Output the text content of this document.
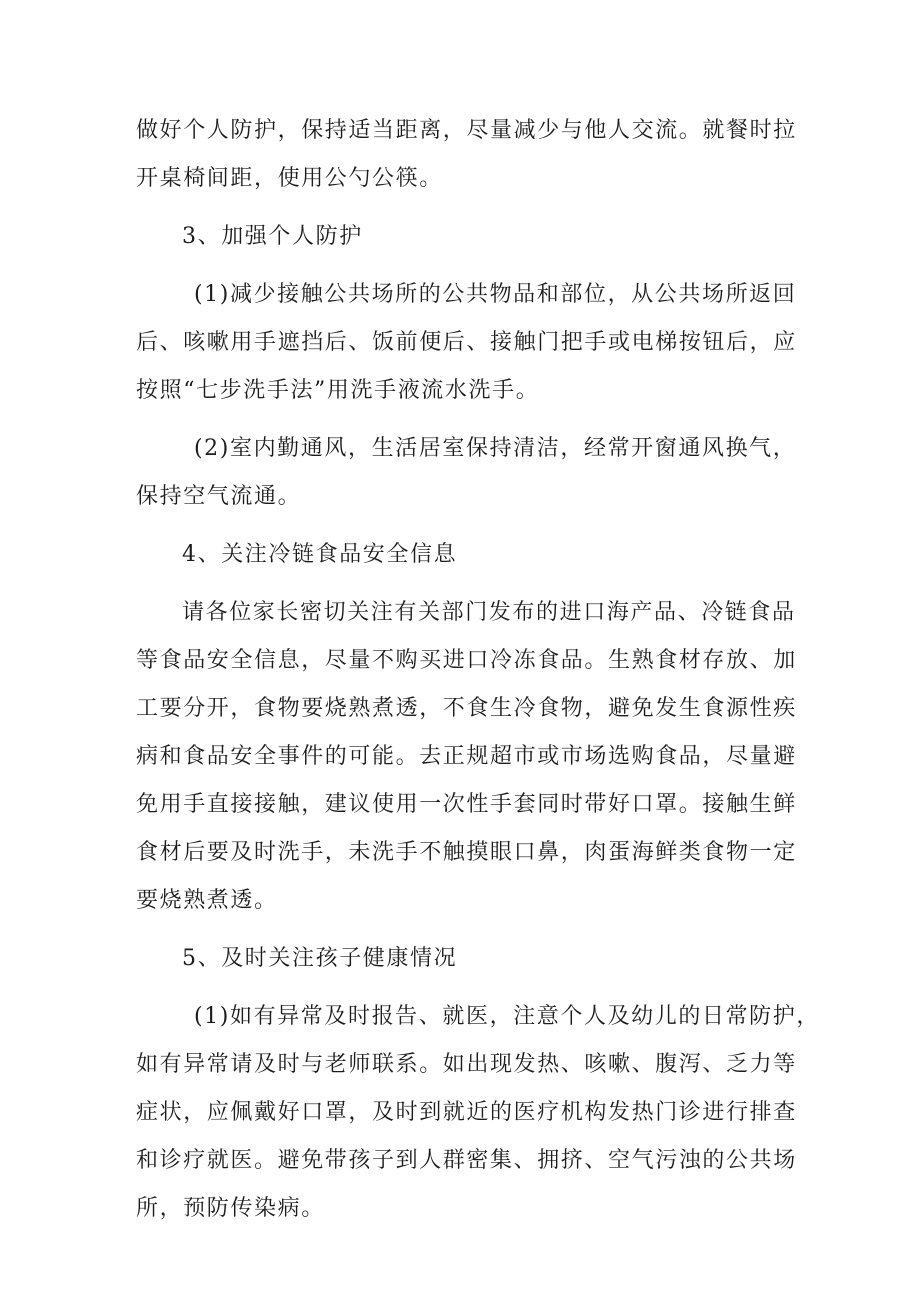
做好个人防护，保持适当距离，尽量减少与他人交流。就餐时拉
开桌椅间距，使用公勺公筷。
3、加强个人防护
(1)减少接触公共场所的公共物品和部位，从公共场所返回
后、咳嗽用手遮挡后、饭前便后、接触门把手或电梯按钮后，应
按照“七步洗手法”用洗手液流水洗手。
(2)室内勤通风，生活居室保持清洁，经常开窗通风换气，
保持空气流通。
4、关注冷链食品安全信息
请各位家长密切关注有关部门发布的进口海产品、冷链食品
等食品安全信息，尽量不购买进口冷冻食品。生熟食材存放、加
工要分开，食物要烧熟煮透，不食生冷食物，避免发生食源性疾
病和食品安全事件的可能。去正规超市或市场选购食品，尽量避
免用手直接接触，建议使用一次性手套同时带好口罩。接触生鲜
食材后要及时洗手，未洗手不触摸眼口鼻，肉蛋海鲜类食物一定
要烧熟煮透。
5、及时关注孩子健康情况
(1)如有异常及时报告、就医，注意个人及幼儿的日常防护，
如有异常请及时与老师联系。如出现发热、咳嗽、腹泻、乏力等
症状，应佩戴好口罩，及时到就近的医疗机构发热门诊进行排查
和诊疗就医。避免带孩子到人群密集、拥挤、空气污浊的公共场
所，预防传染病。
